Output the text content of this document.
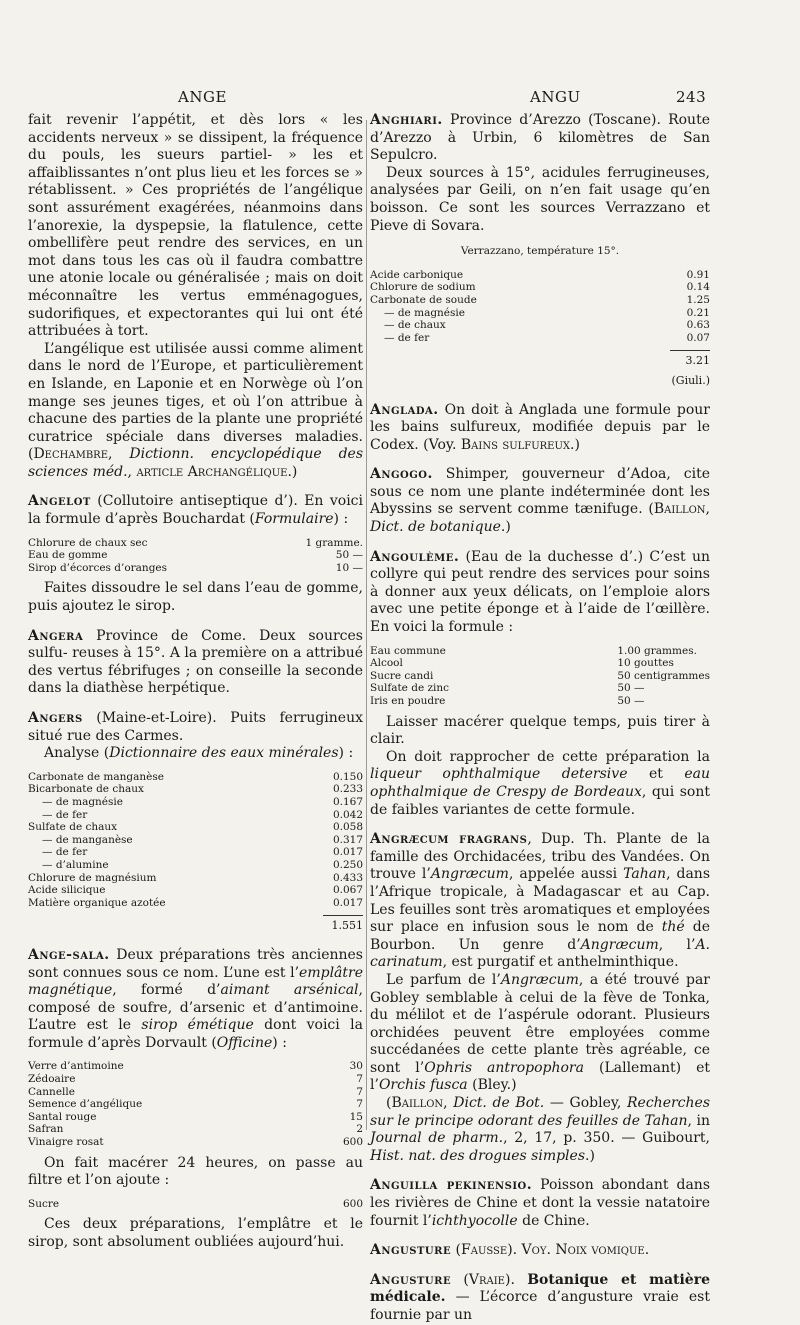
ANGE	ANGU	243

fait revenir l’appétit, et dès lors « les accidents nerveux » se dissipent, la fréquence du pouls, les sueurs partiel- » les et affaiblissantes n’ont plus lieu et les forces se » rétablissent. » Ces propriétés de l’angélique sont assurément exagérées, néanmoins dans l’anorexie, la dyspepsie, la flatulence, cette ombellifère peut rendre des services, en un mot dans tous les cas où il faudra combattre une atonie locale ou généralisée ; mais on doit méconnaître les vertus emménagogues, sudorifiques, et expectorantes qui lui ont été attribuées à tort.

L’angélique est utilisée aussi comme aliment dans le nord de l’Europe, et particulièrement en Islande, en Laponie et en Norwège où l’on mange ses jeunes tiges, et où l’on attribue à chacune des parties de la plante une propriété curatrice spéciale dans diverses maladies. (Dechambre, Dictionn. encyclopédique des sciences méd., article Archangélique.)

Angelot (Collutoire antiseptique d’). En voici la formule d’après Bouchardat (Formulaire) :

Chlorure de chaux sec	1 gramme.
Eau de gomme	50 —
Sirop d’écorces d’oranges	10 —

Faites dissoudre le sel dans l’eau de gomme, puis ajoutez le sirop.

Angera Province de Come. Deux sources sulfu- reuses à 15°. A la première on a attribué des vertus fébrifuges ; on conseille la seconde dans la diathèse herpétique.

Angers (Maine-et-Loire). Puits ferrugineux situé rue des Carmes.

Analyse (Dictionnaire des eaux minérales) :

Carbonate de manganèse	0.150
Bicarbonate de chaux	0.233
— de magnésie	0.167
— de fer	0.042
Sulfate de chaux	0.058
— de manganèse	0.317
— de fer	0.017
— d’alumine	0.250
Chlorure de magnésium	0.433
Acide silicique	0.067
Matière organique azotée	0.017
1.551

Ange-sala. Deux préparations très anciennes sont connues sous ce nom. L’une est l’emplâtre magnétique, formé d’aimant arsénical, composé de soufre, d’arsenic et d’antimoine. L’autre est le sirop émétique dont voici la formule d’après Dorvault (Officine) :

Verre d’antimoine	30
Zédoaire	7
Cannelle	7
Semence d’angélique	7
Santal rouge	15
Safran	2
Vinaigre rosat	600

On fait macérer 24 heures, on passe au filtre et l’on ajoute :

Sucre	600

Ces deux préparations, l’emplâtre et le sirop, sont absolument oubliées aujourd’hui.

Anghiari. Province d’Arezzo (Toscane). Route d’Arezzo à Urbin, 6 kilomètres de San Sepulcro.

Deux sources à 15°, acidules ferrugineuses, analysées par Geili, on n’en fait usage qu’en boisson. Ce sont les sources Verrazzano et Pieve di Sovara.

Verrazzano, température 15°.
Acide carbonique	0.91
Chlorure de sodium	0.14
Carbonate de soude	1.25
— de magnésie	0.21
— de chaux	0.63
— de fer	0.07
3.21
(Giuli.)

Anglada. On doit à Anglada une formule pour les bains sulfureux, modifiée depuis par le Codex. (Voy. Bains sulfureux.)

Angogo. Shimper, gouverneur d’Adoa, cite sous ce nom une plante indéterminée dont les Abyssins se servent comme tænifuge. (Baillon, Dict. de botanique.)

Angoulème. (Eau de la duchesse d’.) C’est un collyre qui peut rendre des services pour soins à donner aux yeux délicats, on l’emploie alors avec une petite éponge et à l’aide de l’œillère. En voici la formule :

Eau commune	1.00 grammes.
Alcool	10 gouttes
Sucre candi	50 centigrammes
Sulfate de zinc	50 —
Iris en poudre	50 —

Laisser macérer quelque temps, puis tirer à clair.

On doit rapprocher de cette préparation la liqueur ophthalmique detersive et eau ophthalmique de Crespy de Bordeaux, qui sont de faibles variantes de cette formule.

Angræcum fragrans, Dup. Th. Plante de la famille des Orchidacées, tribu des Vandées. On trouve l’Angræcum, appelée aussi Tahan, dans l’Afrique tropicale, à Madagascar et au Cap. Les feuilles sont très aromatiques et employées sur place en infusion sous le nom de thé de Bourbon. Un genre d’Angræcum, l’A. carinatum, est purgatif et anthelminthique.

Le parfum de l’Angræcum, a été trouvé par Gobley semblable à celui de la fève de Tonka, du mélilot et de l’aspérule odorant. Plusieurs orchidées peuvent être employées comme succédanées de cette plante très agréable, ce sont l’Ophris antropophora (Lallemant) et l’Orchis fusca (Bley.)

(Baillon, Dict. de Bot. — Gobley, Recherches sur le principe odorant des feuilles de Tahan, in Journal de pharm., 2, 17, p. 350. — Guibourt, Hist. nat. des drogues simples.)

Anguilla pekinensio. Poisson abondant dans les rivières de Chine et dont la vessie natatoire fournit l’ichthyocolle de Chine.

Angusture (Fausse). Voy. Noix vomique.

Angusture (Vraie). Botanique et matière médicale. — L’écorce d’angusture vraie est fournie par un
